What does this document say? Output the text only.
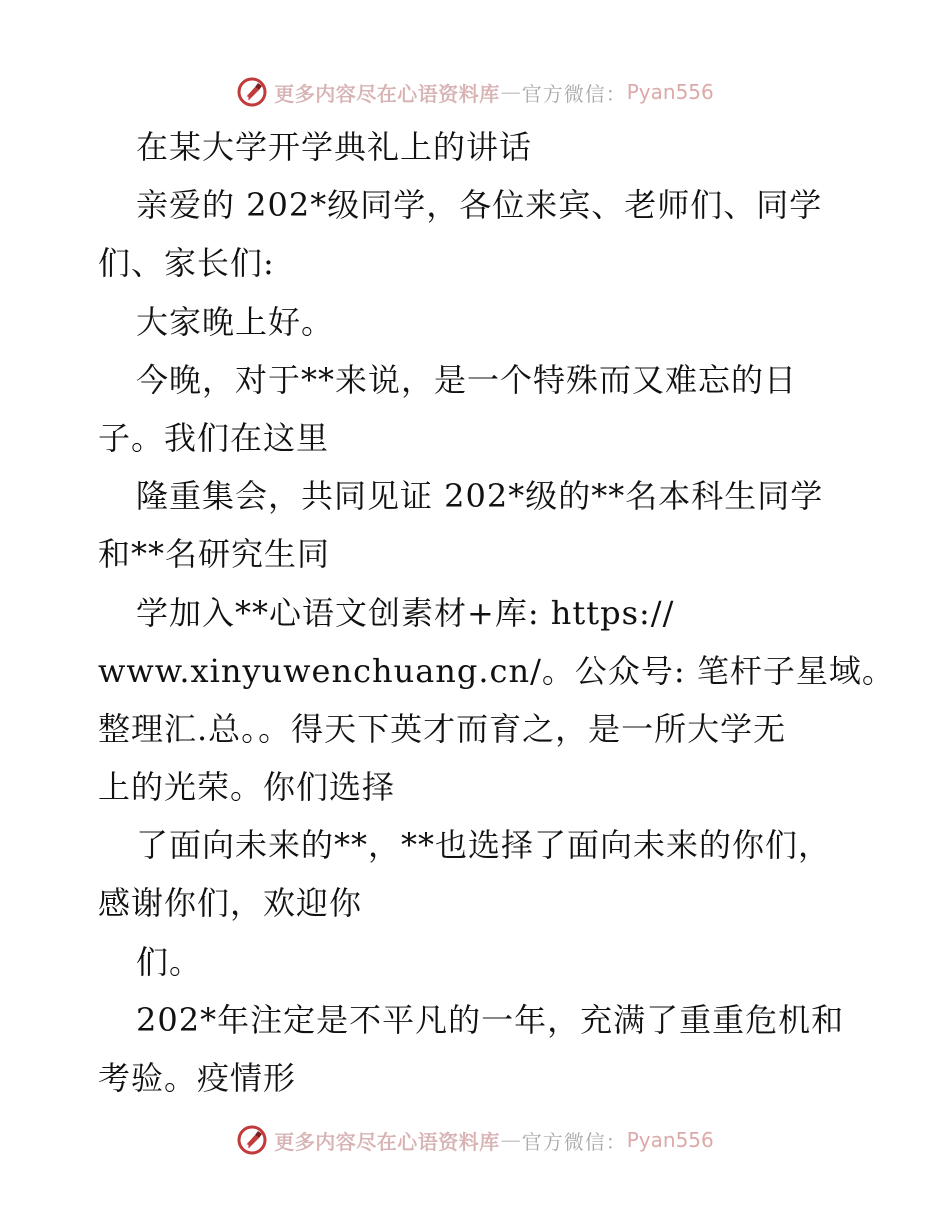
更多内容尽在心语资料库 — 官方微信： Pyan556
在某大学开学典礼上的讲话
亲爱的 202*级同学，各位来宾、老师们、同学
们、家长们:
大家晚上好。
今晚，对于**来说，是一个特殊而又难忘的日
子。我们在这里
隆重集会，共同见证 202*级的**名本科生同学
和**名研究生同
学加入**心语文创素材+库: https://
www.xinyuwenchuang.cn/。公众号: 笔杆子星域。
整理汇.总。。得天下英才而育之，是一所大学无
上的光荣。你们选择
了面向未来的**，**也选择了面向未来的你们，
感谢你们，欢迎你
们。
202*年注定是不平凡的一年，充满了重重危机和
考验。疫情形
更多内容尽在心语资料库 — 官方微信： Pyan556
